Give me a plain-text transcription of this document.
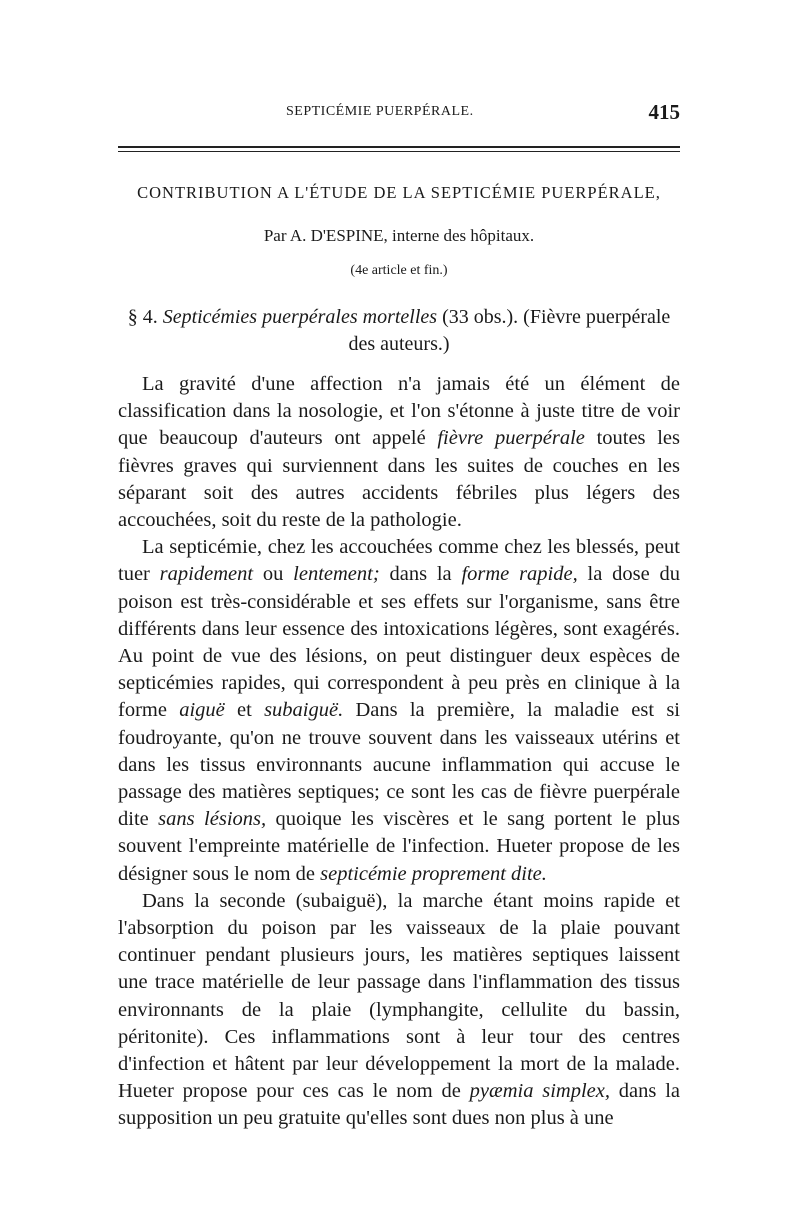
SEPTICÉMIE PUERPÉRALE.	415
CONTRIBUTION A L'ÉTUDE DE LA SEPTICÉMIE PUERPÉRALE,
Par A. D'ESPINE, interne des hôpitaux.
(4e article et fin.)
§ 4. Septicémies puerpérales mortelles (33 obs.). (Fièvre puerpérale des auteurs.)

La gravité d'une affection n'a jamais été un élément de classification dans la nosologie, et l'on s'étonne à juste titre de voir que beaucoup d'auteurs ont appelé fièvre puerpérale toutes les fièvres graves qui surviennent dans les suites de couches en les séparant soit des autres accidents fébriles plus légers des accouchées, soit du reste de la pathologie.

La septicémie, chez les accouchées comme chez les blessés, peut tuer rapidement ou lentement; dans la forme rapide, la dose du poison est très-considérable et ses effets sur l'organisme, sans être différents dans leur essence des intoxications légères, sont exagérés. Au point de vue des lésions, on peut distinguer deux espèces de septicémies rapides, qui correspondent à peu près en clinique à la forme aiguë et subaiguë. Dans la première, la maladie est si foudroyante, qu'on ne trouve souvent dans les vaisseaux utérins et dans les tissus environnants aucune inflammation qui accuse le passage des matières septiques; ce sont les cas de fièvre puerpérale dite sans lésions, quoique les viscères et le sang portent le plus souvent l'empreinte matérielle de l'infection. Hueter propose de les désigner sous le nom de septicémie proprement dite.

Dans la seconde (subaiguë), la marche étant moins rapide et l'absorption du poison par les vaisseaux de la plaie pouvant continuer pendant plusieurs jours, les matières septiques laissent une trace matérielle de leur passage dans l'inflammation des tissus environnants de la plaie (lymphangite, cellulite du bassin, péritonite). Ces inflammations sont à leur tour des centres d'infection et hâtent par leur développement la mort de la malade. Hueter propose pour ces cas le nom de pyæmia simplex, dans la supposition un peu gratuite qu'elles sont dues non plus à une
